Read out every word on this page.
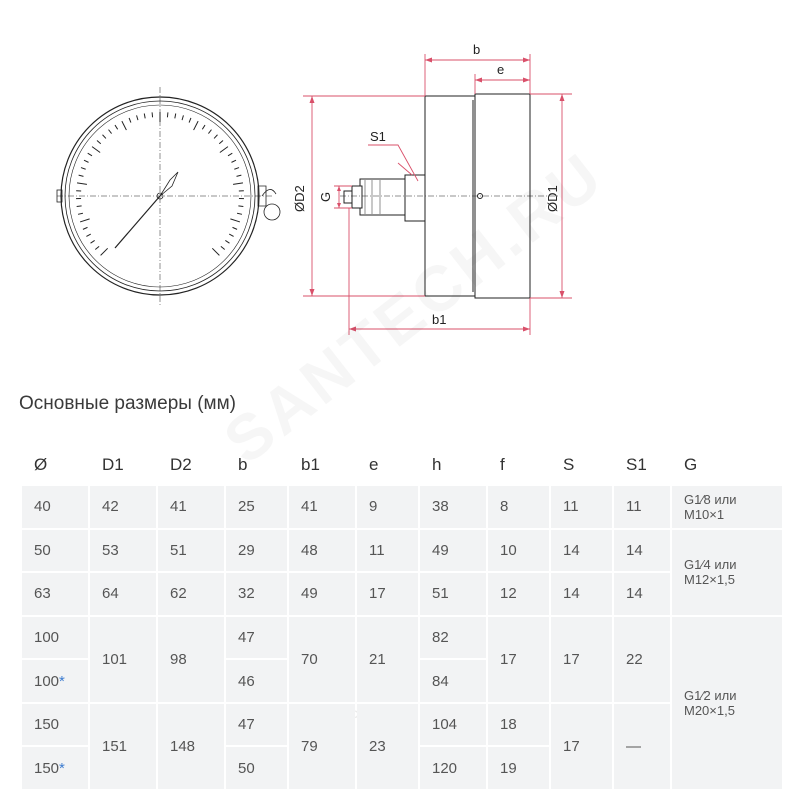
b
e
S1
G
ØD2	ØD1
b1
Основные размеры (мм)
Ø	D1	D2	b	b1	e	h	f	S	S1	G
40	42	41	25	41	9	38	8	11	11	G1⁄8 или
M10×1
50	53	51	29	48	11	49	10	14	14	G1⁄4 или
M12×1,5
63	64	62	32	49	17	51	12	14	14	
100	101	98	47	70	21	82	17	17	22	G1⁄2 или
M20×1,5
100*			46			84				
150	151	148	47	79	23	104	18	17	—	
150*			50			120	19			
